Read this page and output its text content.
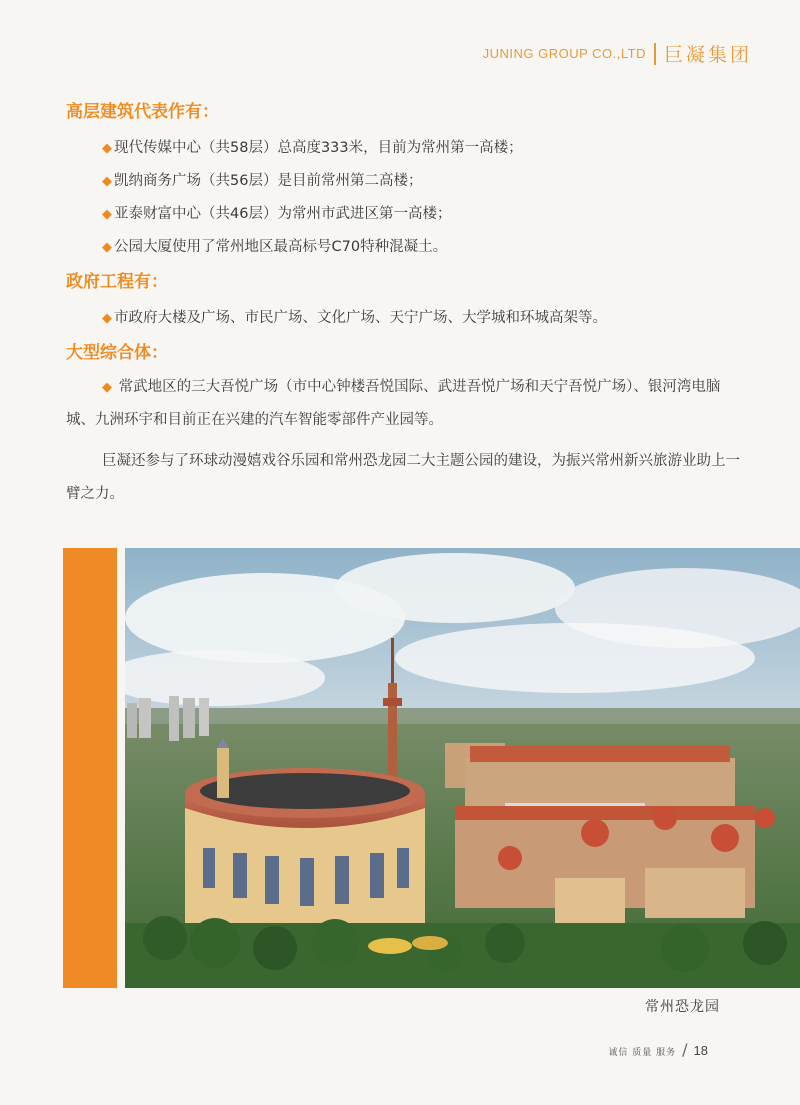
JUNING GROUP CO.,LTD 巨凝集团
高层建筑代表作有：
◆ 现代传媒中心（共58层）总高度333米，目前为常州第一高楼；
◆ 凯纳商务广场（共56层）是目前常州第二高楼；
◆ 亚泰财富中心（共46层）为常州市武进区第一高楼；
◆ 公园大厦使用了常州地区最高标号C70特种混凝土。
政府工程有：
◆ 市政府大楼及广场、市民广场、文化广场、天宁广场、大学城和环城高架等。
大型综合体：

◆ 常武地区的三大吾悦广场（市中心钟楼吾悦国际、武进吾悦广场和天宁吾悦广场）、银河湾电脑城、九洲环宇和目前正在兴建的汽车智能零部件产业园等。

巨凝还参与了环球动漫嬉戏谷乐园和常州恐龙园二大主题公园的建设，为振兴常州新兴旅游业助上一臂之力。

常州恐龙园
诚信 质量 服务 / 18
